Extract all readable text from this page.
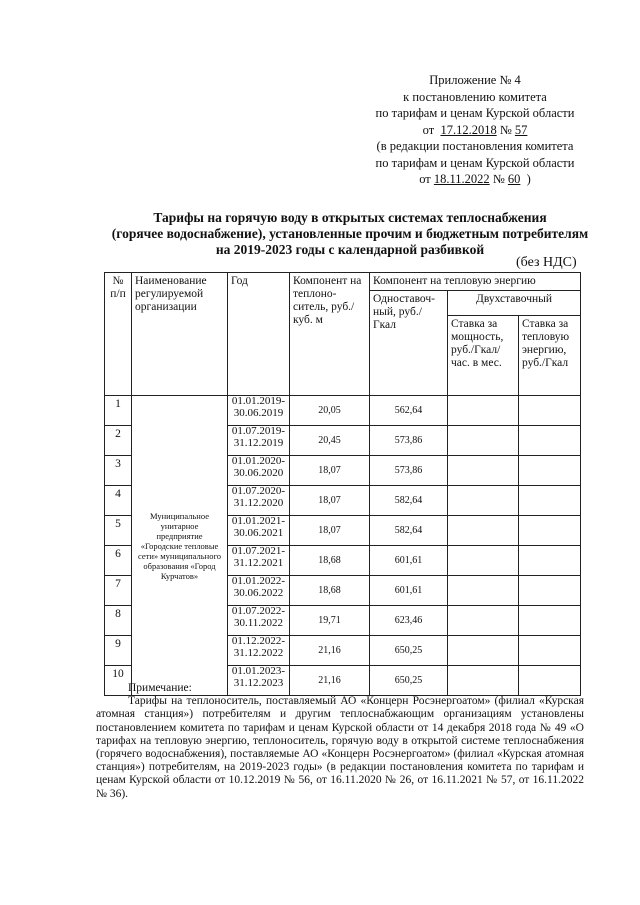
Приложение № 4
к постановлению комитета
по тарифам и ценам Курской области
от 17.12.2018 № 57
(в редакции постановления комитета
по тарифам и ценам Курской области
от 18.11.2022 № 60 )
Тарифы на горячую воду в открытых системах теплоснабжения
(горячее водоснабжение), установленные прочим и бюджетным потребителям
на 2019-2023 годы с календарной разбивкой
(без НДС)
№ п/п	Наименование регулируемой организации	Год	Компонент на теплоно-ситель, руб./куб. м	Компонент на тепловую энергию		
				Одноставоч-ный, руб./Гкал	Двухставочный	
					Ставка за мощность, руб./Гкал/час. в мес.	Ставка за тепловую энергию, руб./Гкал
1	Муниципальное унитарное предприятие «Городские тепловые сети» муниципального образования «Город Курчатов»	01.01.2019-30.06.2019	20,05	562,64		
2		01.07.2019-31.12.2019	20,45	573,86		
3		01.01.2020-30.06.2020	18,07	573,86		
4		01.07.2020-31.12.2020	18,07	582,64		
5		01.01.2021-30.06.2021	18,07	582,64		
6		01.07.2021-31.12.2021	18,68	601,61		
7		01.01.2022-30.06.2022	18,68	601,61		
8		01.07.2022-30.11.2022	19,71	623,46		
9		01.12.2022-31.12.2022	21,16	650,25		
10		01.01.2023-31.12.2023	21,16	650,25		
Примечание:

Тарифы на теплоноситель, поставляемый АО «Концерн Росэнергоатом» (филиал «Курская атомная станция») потребителям и другим теплоснабжающим организациям установлены постановлением комитета по тарифам и ценам Курской области от 14 декабря 2018 года № 49 «О тарифах на тепловую энергию, теплоноситель, горячую воду в открытой системе теплоснабжения (горячего водоснабжения), поставляемые АО «Концерн Росэнергоатом» (филиал «Курская атомная станция») потребителям, на 2019-2023 годы» (в редакции постановления комитета по тарифам и ценам Курской области от 10.12.2019 № 56, от 16.11.2020 № 26, от 16.11.2021 № 57, от 16.11.2022 № 36).
